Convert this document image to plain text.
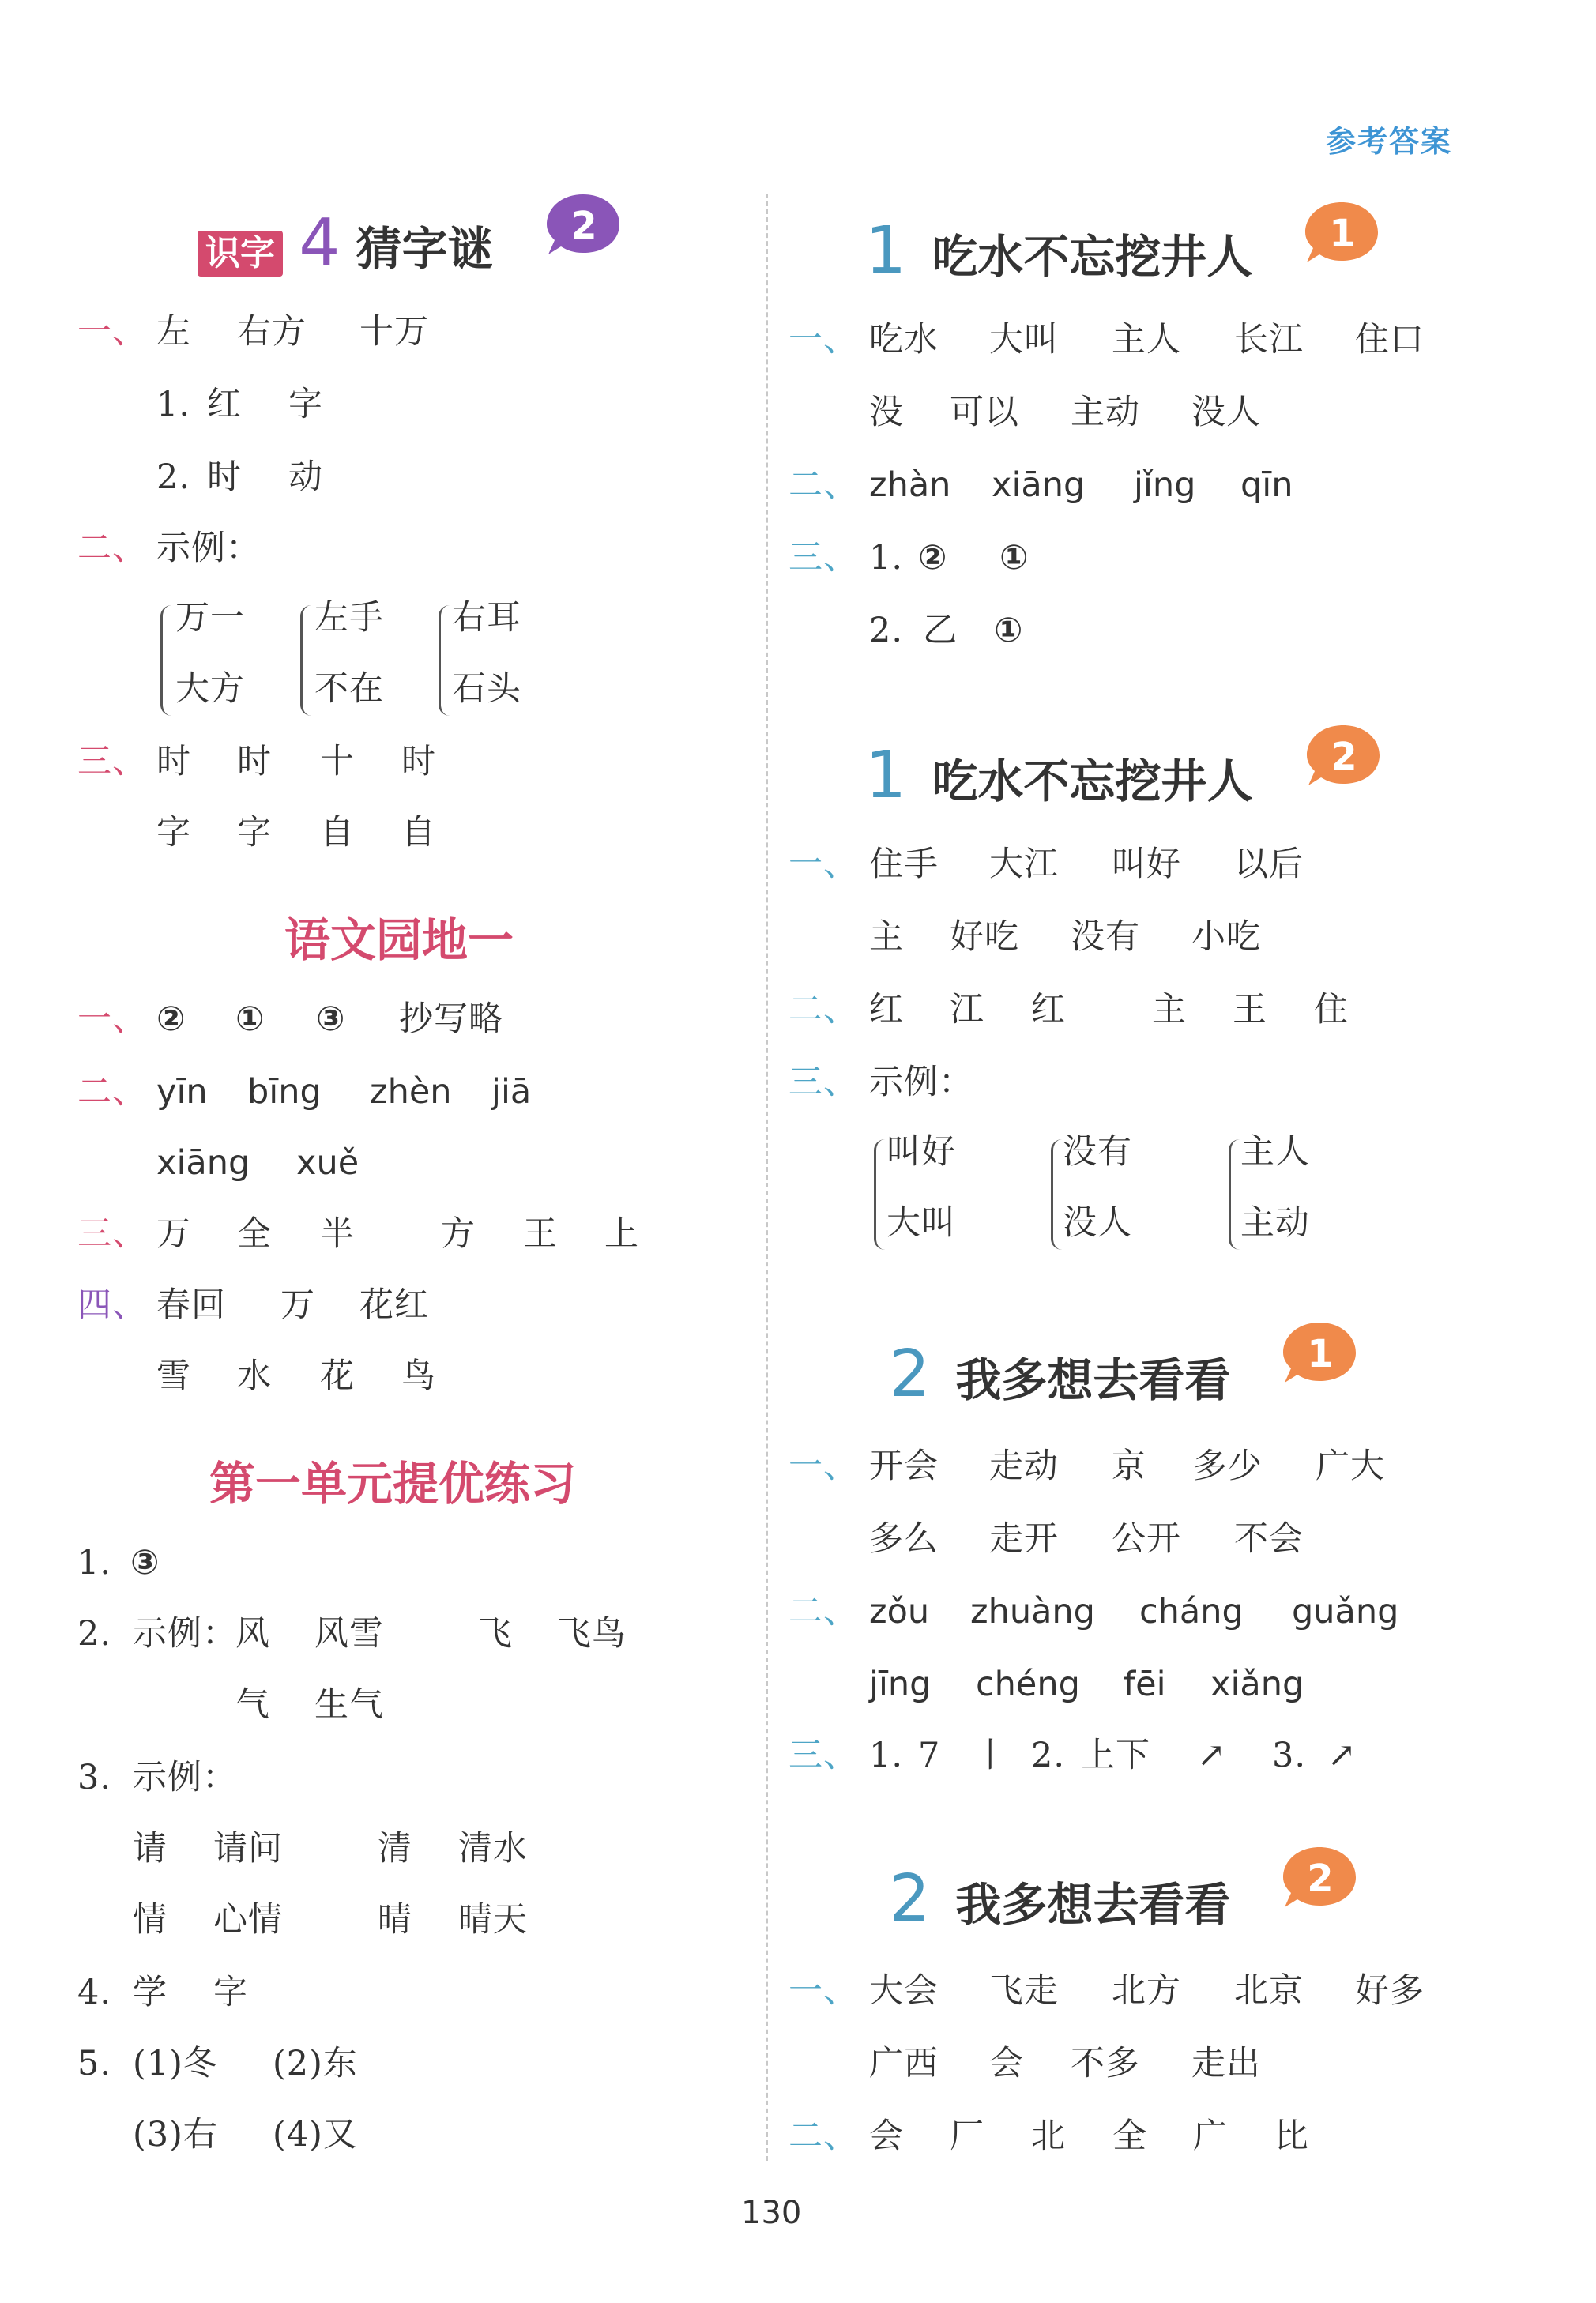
参考答案
识字 4 猜字谜 2
一、 左 右方 十万
1. 红 字
2. 时 动
二、 示例：
万一
大方
左手
不在
右耳
石头
三、 时 时 十 时
字 字 自 自
语文园地一
一、 ② ① ③ 抄写略
二、 yīn bīng zhèn jiā
xiāng xuě
三、 万 全 半	方 王 上
四、 春回 万 花红
雪 水 花 鸟
第一单元提优练习
1. ③
2. 示例：
风 风雪	飞 飞鸟
气 生气
3. 示例：
请 请问	清 清水
情 心情	晴 晴天
4. 学 字
5. (1)冬 (2)东
(3)右 (4)又
1 吃水不忘挖井人 1
一、 吃水 大叫 主人 长江 住口
没 可以 主动 没人
二、 zhàn xiāng jǐng qīn
三、 1. ② ①
2. 乙 ①
1 吃水不忘挖井人 2
一、 住手 大江 叫好 以后
主 好吃 没有 小吃
二、 红 江 红	主 王 住
三、 示例：
叫好
大叫
没有
没人
主人
主动
2 我多想去看看 1
一、 开会 走动 京 多少 广大
多么 走开 公开 不会
二、 zǒu zhuàng cháng guǎng
jīng chéng fēi xiǎng
三、 1. 7 丨 2. 上下 ↗ 3. ↗
2 我多想去看看 2
一、 大会 飞走 北方 北京 好多
广西 会 不多 走出
二、 会 厂 北 全 广 比
130
